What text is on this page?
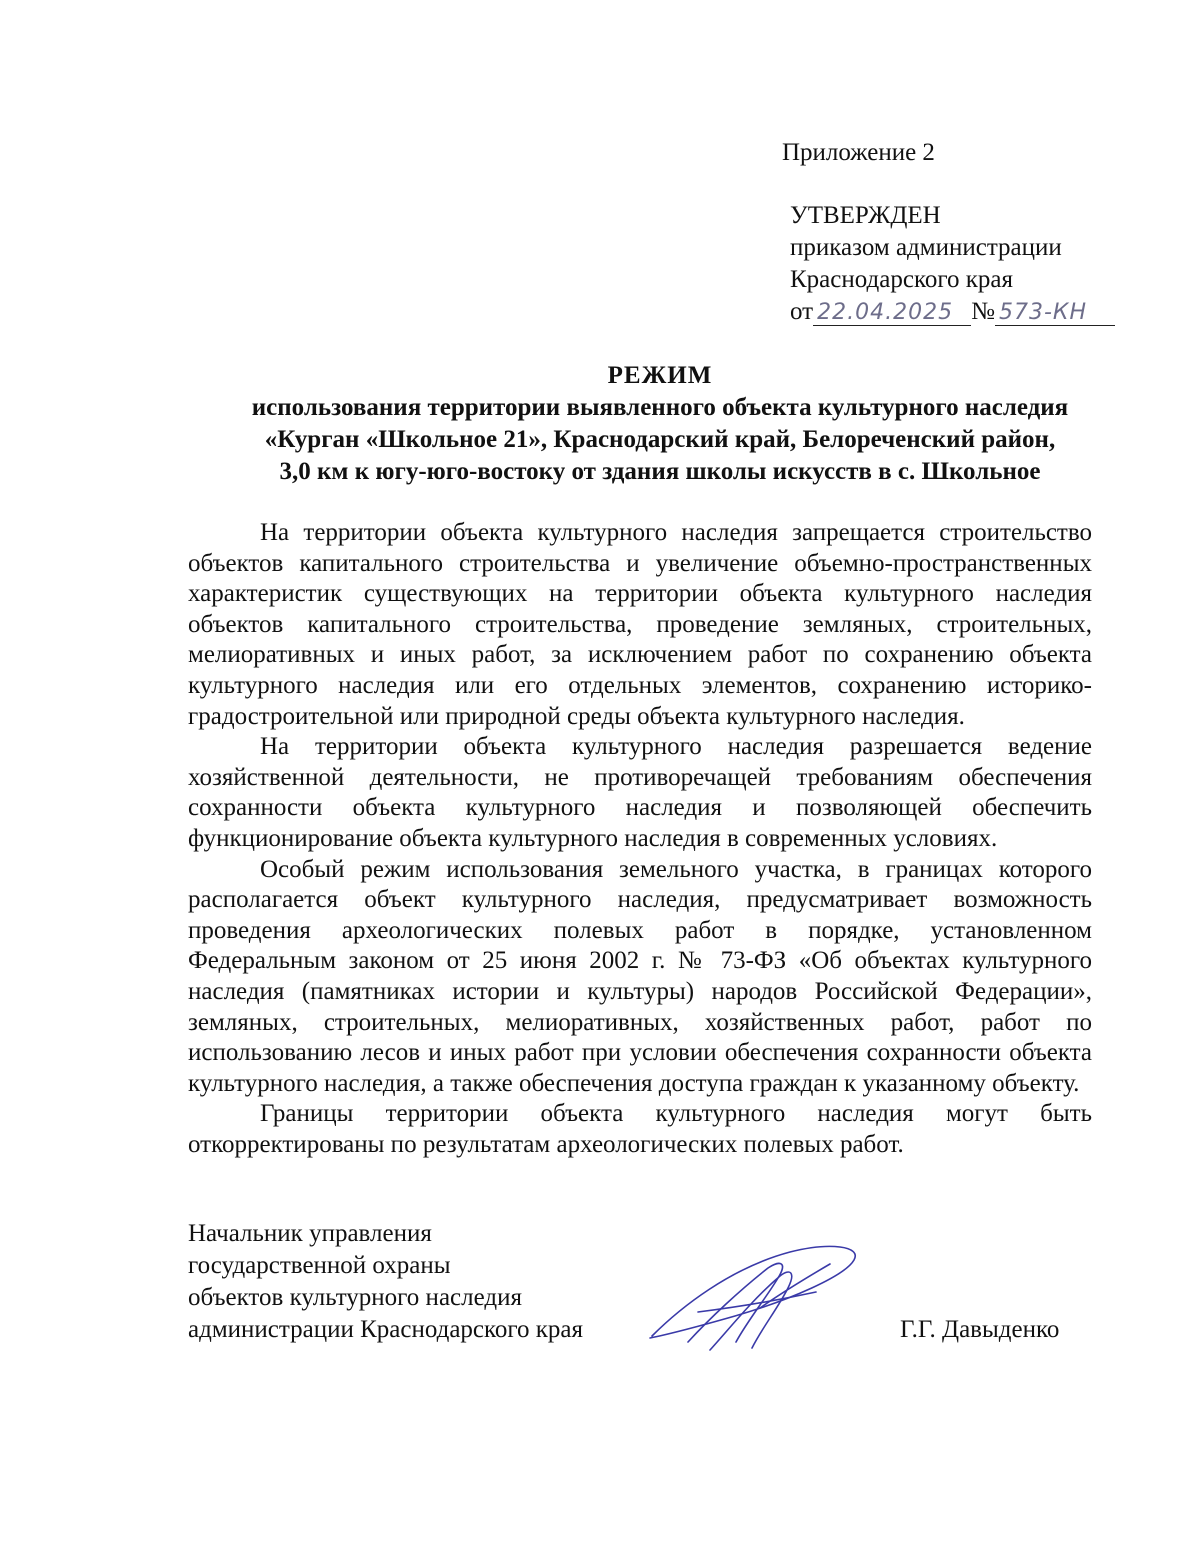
Приложение 2
УТВЕРЖДЕН
приказом администрации
Краснодарского края
от 22.04.2025 № 573-КН
РЕЖИМ
использования территории выявленного объекта культурного наследия
«Курган «Школьное 21», Краснодарский край, Белореченский район,
3,0 км к югу-юго-востоку от здания школы искусств в с. Школьное

На территории объекта культурного наследия запрещается строительство объектов капитального строительства и увеличение объемно-пространственных характеристик существующих на территории объекта культурного наследия объектов капитального строительства, проведение земляных, строительных, мелиоративных и иных работ, за исключением работ по сохранению объекта культурного наследия или его отдельных элементов, сохранению историко-градостроительной или природной среды объекта культурного наследия.

На территории объекта культурного наследия разрешается ведение хозяйственной деятельности, не противоречащей требованиям обеспечения сохранности объекта культурного наследия и позволяющей обеспечить функционирование объекта культурного наследия в современных условиях.

Особый режим использования земельного участка, в границах которого располагается объект культурного наследия, предусматривает возможность проведения археологических полевых работ в порядке, установленном Федеральным законом от 25 июня 2002 г. № 73-ФЗ «Об объектах культурного наследия (памятниках истории и культуры) народов Российской Федерации», земляных, строительных, мелиоративных, хозяйственных работ, работ по использованию лесов и иных работ при условии обеспечения сохранности объекта культурного наследия, а также обеспечения доступа граждан к указанному объекту.

Границы территории объекта культурного наследия могут быть откорректированы по результатам археологических полевых работ.

Начальник управления
государственной охраны
объектов культурного наследия
администрации Краснодарского края	Г.Г. Давыденко
